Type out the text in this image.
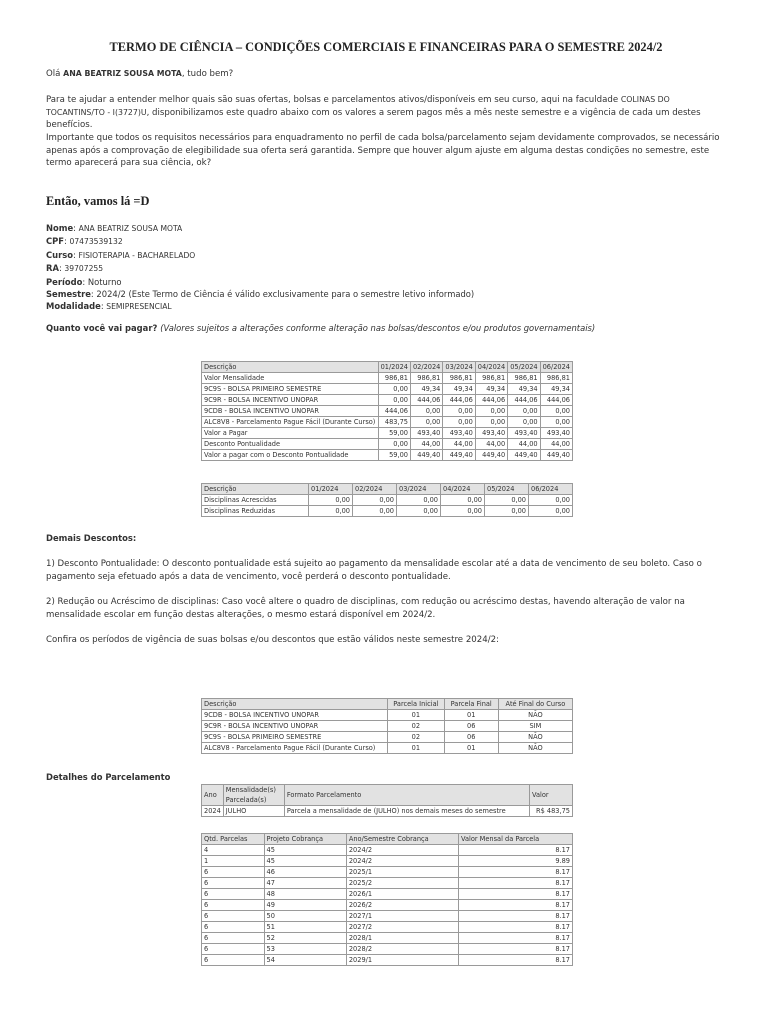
TERMO DE CIÊNCIA – CONDIÇÕES COMERCIAIS E FINANCEIRAS PARA O SEMESTRE 2024/2

Olá ANA BEATRIZ SOUSA MOTA, tudo bem?

Para te ajudar a entender melhor quais são suas ofertas, bolsas e parcelamentos ativos/disponíveis em seu curso, aqui na faculdade COLINAS DO TOCANTINS/TO - I(3727)U, disponibilizamos este quadro abaixo com os valores a serem pagos mês a mês neste semestre e a vigência de cada um destes benefícios.

Importante que todos os requisitos necessários para enquadramento no perfil de cada bolsa/parcelamento sejam devidamente comprovados, se necessário apenas após a comprovação de elegibilidade sua oferta será garantida. Sempre que houver algum ajuste em alguma destas condições no semestre, este termo aparecerá para sua ciência, ok?

Então, vamos lá =D
Nome: ANA BEATRIZ SOUSA MOTA
CPF: 07473539132
Curso: FISIOTERAPIA - BACHARELADO
RA: 39707255
Período: Noturno
Semestre: 2024/2 (Este Termo de Ciência é válido exclusivamente para o semestre letivo informado)
Modalidade: SEMIPRESENCIAL
Quanto você vai pagar? (Valores sujeitos a alterações conforme alteração nas bolsas/descontos e/ou produtos governamentais)
Descrição	01/2024	02/2024	03/2024	04/2024	05/2024	06/2024
Valor Mensalidade	986,81	986,81	986,81	986,81	986,81	986,81
9C9S - BOLSA PRIMEIRO SEMESTRE	0,00	49,34	49,34	49,34	49,34	49,34
9C9R - BOLSA INCENTIVO UNOPAR	0,00	444,06	444,06	444,06	444,06	444,06
9CDB - BOLSA INCENTIVO UNOPAR	444,06	0,00	0,00	0,00	0,00	0,00
ALC8V8 - Parcelamento Pague Fácil (Durante Curso)	483,75	0,00	0,00	0,00	0,00	0,00
Valor a Pagar	59,00	493,40	493,40	493,40	493,40	493,40
Desconto Pontualidade	0,00	44,00	44,00	44,00	44,00	44,00
Valor a pagar com o Desconto Pontualidade	59,00	449,40	449,40	449,40	449,40	449,40
Descrição	01/2024	02/2024	03/2024	04/2024	05/2024	06/2024
Disciplinas Acrescidas	0,00	0,00	0,00	0,00	0,00	0,00
Disciplinas Reduzidas	0,00	0,00	0,00	0,00	0,00	0,00
Demais Descontos:

1) Desconto Pontualidade: O desconto pontualidade está sujeito ao pagamento da mensalidade escolar até a data de vencimento de seu boleto. Caso o pagamento seja efetuado após a data de vencimento, você perderá o desconto pontualidade.

2) Redução ou Acréscimo de disciplinas: Caso você altere o quadro de disciplinas, com redução ou acréscimo destas, havendo alteração de valor na mensalidade escolar em função destas alterações, o mesmo estará disponível em 2024/2.

Confira os períodos de vigência de suas bolsas e/ou descontos que estão válidos neste semestre 2024/2:

Descrição	Parcela Inicial	Parcela Final	Até Final do Curso
9CDB - BOLSA INCENTIVO UNOPAR	01	01	NÃO
9C9R - BOLSA INCENTIVO UNOPAR	02	06	SIM
9C9S - BOLSA PRIMEIRO SEMESTRE	02	06	NÃO
ALC8V8 - Parcelamento Pague Fácil (Durante Curso)	01	01	NÃO
Detalhes do Parcelamento
Ano	Mensalidade(s) Parcelada(s)	Formato Parcelamento	Valor
2024	JULHO	Parcela a mensalidade de (JULHO) nos demais meses do semestre	R$ 483,75
Qtd. Parcelas	Projeto Cobrança	Ano/Semestre Cobrança	Valor Mensal da Parcela
4	45	2024/2	8.17
1	45	2024/2	9.89
6	46	2025/1	8.17
6	47	2025/2	8.17
6	48	2026/1	8.17
6	49	2026/2	8.17
6	50	2027/1	8.17
6	51	2027/2	8.17
6	52	2028/1	8.17
6	53	2028/2	8.17
6	54	2029/1	8.17
